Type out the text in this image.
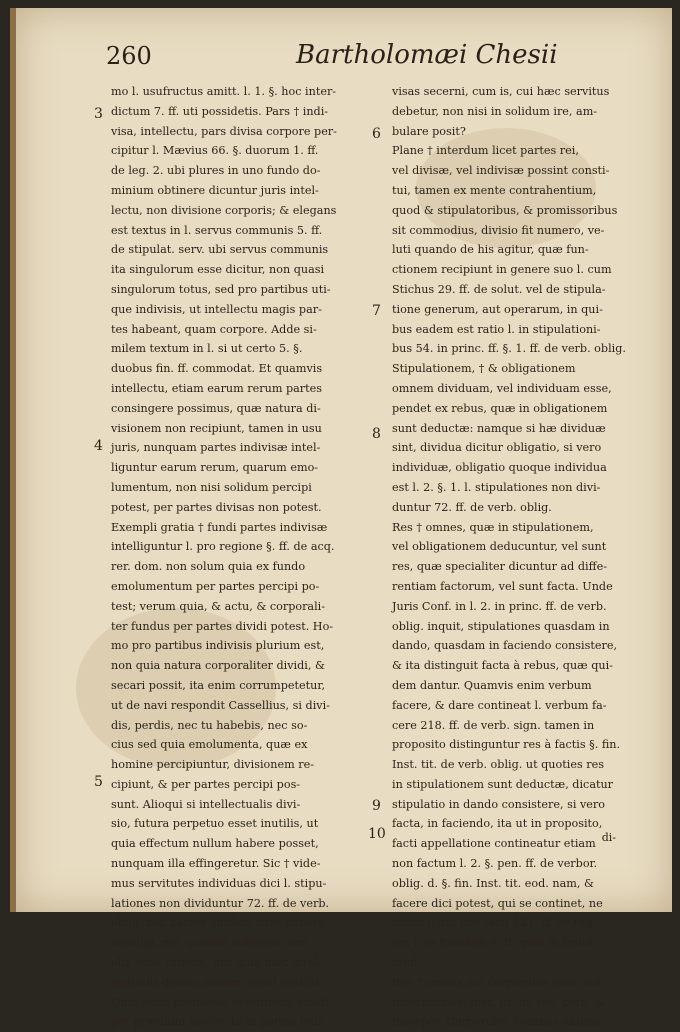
260	Bartholomæi Chesii
3
6
7
4
8
5
9
10

mo l. usufructus amitt. l. 1. §. hoc inter-

dictum 7. ff. uti possidetis. Pars † indi-

visa, intellectu, pars divisa corpore per-

cipitur l. Mævius 66. §. duorum 1. ff.

de leg. 2. ubi plures in uno fundo do-

minium obtinere dicuntur juris intel-

lectu, non divisione corporis; & elegans

est textus in l. servus communis 5. ff.

de stipulat. serv. ubi servus communis

ita singulorum esse dicitur, non quasi

singulorum totus, sed pro partibus uti-

que indivisis, ut intellectu magis par-

tes habeant, quam corpore. Adde si-

milem textum in l. si ut certo 5. §.

duobus fin. ff. commodat. Et quamvis

intellectu, etiam earum rerum partes

consingere possimus, quæ natura di-

visionem non recipiunt, tamen in usu

juris, nunquam partes indivisæ intel-

liguntur earum rerum, quarum emo-

lumentum, non nisi solidum percipi

potest, per partes divisas non potest.

Exempli gratia † fundi partes indivisæ

intelliguntur l. pro regione §. ff. de acq.

rer. dom. non solum quia ex fundo

emolumentum per partes percipi po-

test; verum quia, & actu, & corporali-

ter fundus per partes dividi potest. Ho-

mo pro partibus indivisis plurium est,

non quia natura corporaliter dividi, &

secari possit, ita enim corrumpetetur,

ut de navi respondit Cassellius, si divi-

dis, perdis, nec tu habebis, nec so-

cius sed quia emolumenta, quæ ex

homine percipiuntur, divisionem re-

cipiunt, & per partes percipi pos-

sunt. Alioqui si intellectualis divi-

sio, futura perpetuo esset inutilis, ut

quia effectum nullum habere posset,

nunquam illa effingeretur. Sic † vide-

mus servitutes individuas dici l. stipu-

lationes non dividuntur 72. ff. de verb.

oblig. nec partes quidem istas habere

intelligi, nec quidem indivisas, non

alia sane ratione, nisi quia hæc intel-

lectualis divisio omnino esset inutilis.

Quid enim prodesset servitutem eundi

per prædium intellectu in partes indi-

visas secerni, cum is, cui hæc servitus

debetur, non nisi in solidum ire, am-

bulare posit?

Plane † interdum licet partes rei,

vel divisæ, vel indivisæ possint consti-

tui, tamen ex mente contrahentium,

quod & stipulatoribus, & promissoribus

sit commodius, divisio fit numero, ve-

luti quando de his agitur, quæ fun-

ctionem recipiunt in genere suo l. cum

Stichus 29. ff. de solut. vel de stipula-

tione generum, aut operarum, in qui-

bus eadem est ratio l. in stipulationi-

bus 54. in princ. ff. §. 1. ff. de verb. oblig.

Stipulationem, † & obligationem

omnem dividuam, vel individuam esse,

pendet ex rebus, quæ in obligationem

sunt deductæ: namque si hæ dividuæ

sint, dividua dicitur obligatio, si vero

individuæ, obligatio quoque individua

est l. 2. §. 1. l. stipulationes non divi-

duntur 72. ff. de verb. oblig.

Res † omnes, quæ in stipulationem,

vel obligationem deducuntur, vel sunt

res, quæ specialiter dicuntur ad diffe-

rentiam factorum, vel sunt facta. Unde

Juris Conf. in l. 2. in princ. ff. de verb.

oblig. inquit, stipulationes quasdam in

dando, quasdam in faciendo consistere,

& ita distinguit facta à rebus, quæ qui-

dem dantur. Quamvis enim verbum

facere, & dare contineat l. verbum fa-

cere 218. ff. de verb. sign. tamen in

proposito distinguntur res à factis §. fin.

Inst. tit. de verb. oblig. ut quoties res

in stipulationem sunt deductæ, dicatur

stipulatio in dando consistere, si vero

facta, in faciendo, ita ut in proposito,

facti appellatione contineatur etiam

non factum l. 2. §. pen. ff. de verbor.

oblig. d. §. fin. Inst. tit. eod. nam, &

facere dici potest, qui se continet, ne

faciat l. qui non facit 121. ff. de reg.

jur. l. in fraudem 4. ff. quæ in fraud.

cred.

Res † omnes aut corporales sunt, aut

incorporales, Inst. tit. de reb. corp. &

incorpor. Corporales † omnes natura

di-
